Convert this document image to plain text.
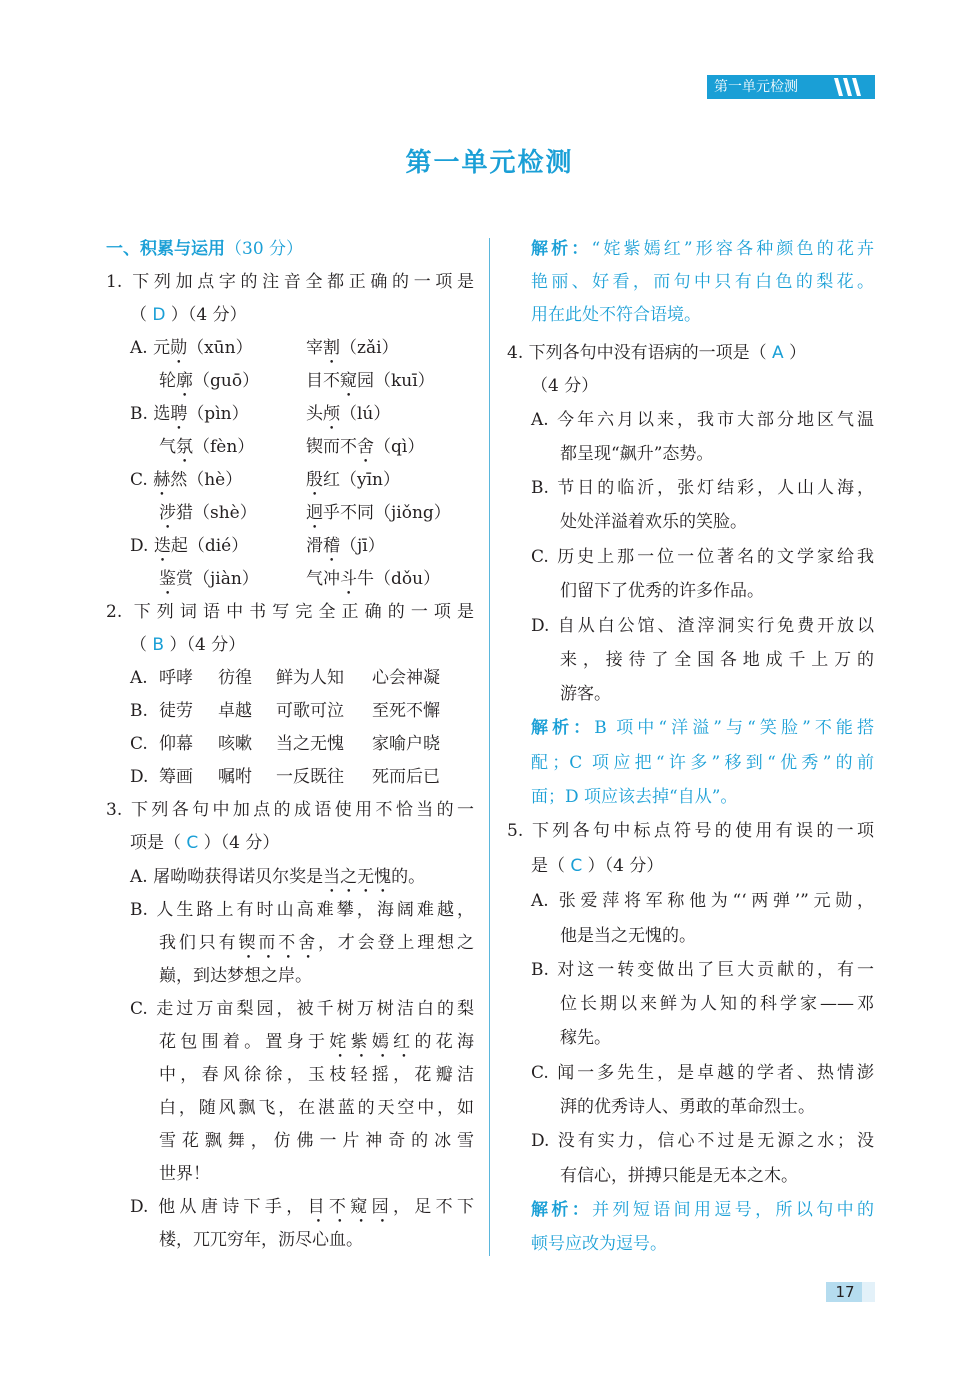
第一单元检测
第一单元检测
一、积累与运用（30 分）
1. 下列加点字的注音全都正确的一项是
（ D ）（4 分）
A. 元勋（xūn）	宰割（zǎi）
轮廓（guō）	目不窥园（kuī）
B. 选聘（pìn）	头颅（lú）
气氛（fèn）	锲而不舍（qì）
C. 赫然（hè）	殷红（yīn）
涉猎（shè）	迥乎不同（jiǒng）
D. 迭起（dié）	滑稽（jī）
鉴赏（jiàn）	气冲斗牛（dǒu）
2. 下列词语中书写完全正确的一项是
（ B ）（4 分）
A. 呼哮 彷徨 鲜为人知 心会神凝
B. 徒劳 卓越 可歌可泣 至死不懈
C. 仰幕 咳嗽 当之无愧 家喻户晓
D. 筹画 嘱咐 一反既往 死而后已
3. 下列各句中加点的成语使用不恰当的一
项是（ C ）（4 分）
A. 屠呦呦获得诺贝尔奖是当之无愧的。
B. 人生路上有时山高难攀，海阔难越，
我们只有锲而不舍，才会登上理想之
巅，到达梦想之岸。
C. 走过万亩梨园，被千树万树洁白的梨
花包围着。置身于姹紫嫣红的花海
中，春风徐徐，玉枝轻摇，花瓣洁
白，随风飘飞，在湛蓝的天空中，如
雪花飘舞，仿佛一片神奇的冰雪
世界！
D. 他从唐诗下手，目不窥园，足不下
楼，兀兀穷年，沥尽心血。
解析：“姹紫嫣红”形容各种颜色的花卉
艳丽、好看，而句中只有白色的梨花。
用在此处不符合语境。
4. 下列各句中没有语病的一项是（ A ）
（4 分）
A. 今年六月以来，我市大部分地区气温
都呈现“飙升”态势。
B. 节日的临沂，张灯结彩，人山人海，
处处洋溢着欢乐的笑脸。
C. 历史上那一位一位著名的文学家给我
们留下了优秀的许多作品。
D. 自从白公馆、渣滓洞实行免费开放以
来，接待了全国各地成千上万的
游客。
解析：B 项中“洋溢”与“笑脸”不能搭
配；C 项应把“许多”移到“优秀”的前
面；D 项应该去掉“自从”。
5. 下列各句中标点符号的使用有误的一项
是（ C ）（4 分）
A. 张爱萍将军称他为“‘两弹’”元勋，
他是当之无愧的。
B. 对这一转变做出了巨大贡献的，有一
位长期以来鲜为人知的科学家——邓
稼先。
C. 闻一多先生，是卓越的学者、热情澎
湃的优秀诗人、勇敢的革命烈士。
D. 没有实力，信心不过是无源之水；没
有信心，拼搏只能是无本之木。
解析：并列短语间用逗号，所以句中的
顿号应改为逗号。
17
